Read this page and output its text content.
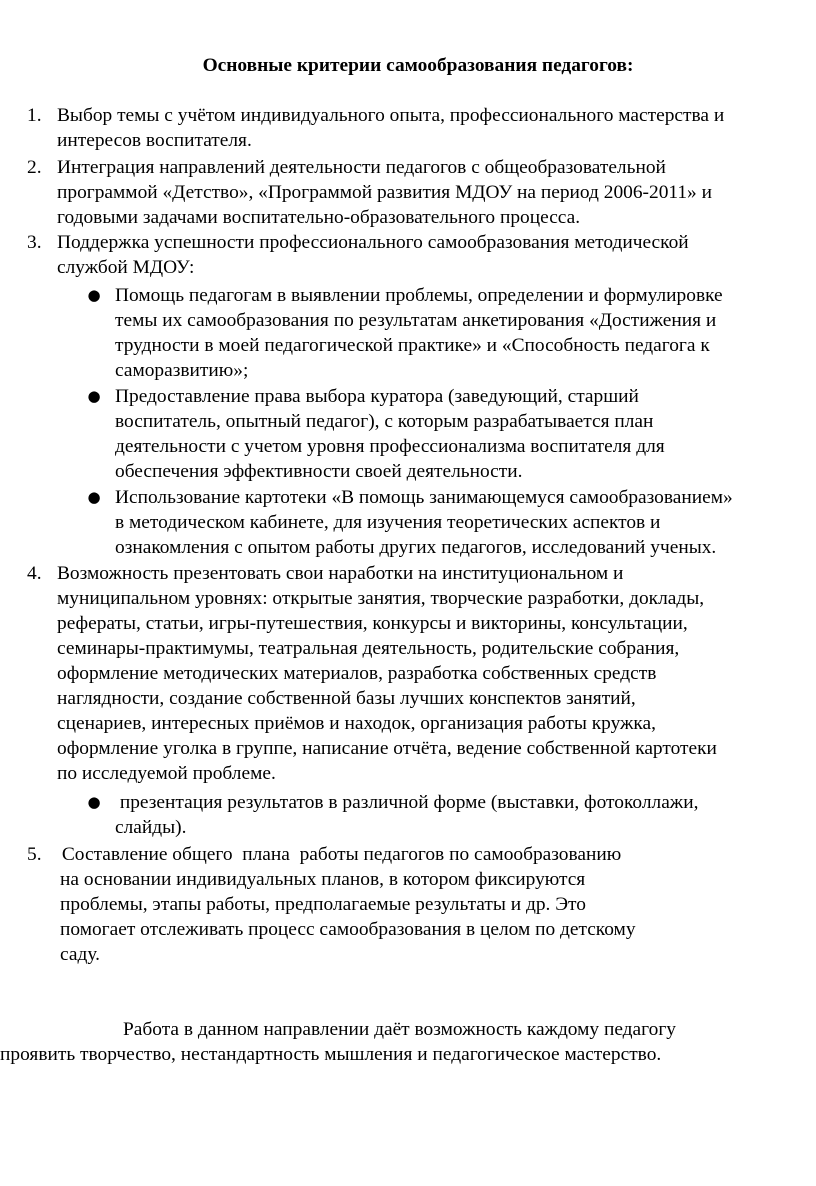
Основные критерии самообразования педагогов:
1. Выбор темы с учётом индивидуального опыта, профессионального мастерства и
интересов воспитателя.
2. Интеграция направлений деятельности педагогов с общеобразовательной
программой «Детство», «Программой развития МДОУ на период 2006-2011» и
годовыми задачами воспитательно-образовательного процесса.
3. Поддержка успешности профессионального самообразования методической
службой МДОУ:
● Помощь педагогам в выявлении проблемы, определении и формулировке
темы их самообразования по результатам анкетирования «Достижения и
трудности в моей педагогической практике» и «Способность педагога к
саморазвитию»;
● Предоставление права выбора куратора (заведующий, старший
воспитатель, опытный педагог), с которым разрабатывается план
деятельности с учетом уровня профессионализма воспитателя для
обеспечения эффективности своей деятельности.
● Использование картотеки «В помощь занимающемуся самообразованием»
в методическом кабинете, для изучения теоретических аспектов и
ознакомления с опытом работы других педагогов, исследований ученых.
4. Возможность презентовать свои наработки на институциональном и
муниципальном уровнях: открытые занятия, творческие разработки, доклады,
рефераты, статьи, игры-путешествия, конкурсы и викторины, консультации,
семинары-практимумы, театральная деятельность, родительские собрания,
оформление методических материалов, разработка собственных средств
наглядности, создание собственной базы лучших конспектов занятий,
сценариев, интересных приёмов и находок, организация работы кружка,
оформление уголка в группе, написание отчёта, ведение собственной картотеки
по исследуемой проблеме.
● презентация результатов в различной форме (выставки, фотоколлажи,
слайды).
5. Составление общего  плана  работы педагогов по самообразованию
на основании индивидуальных планов, в котором фиксируются
проблемы, этапы работы, предполагаемые результаты и др. Это
помогает отслеживать процесс самообразования в целом по детскому
саду.
Работа в данном направлении даёт возможность каждому педагогу
проявить творчество, нестандартность мышления и педагогическое мастерство.
